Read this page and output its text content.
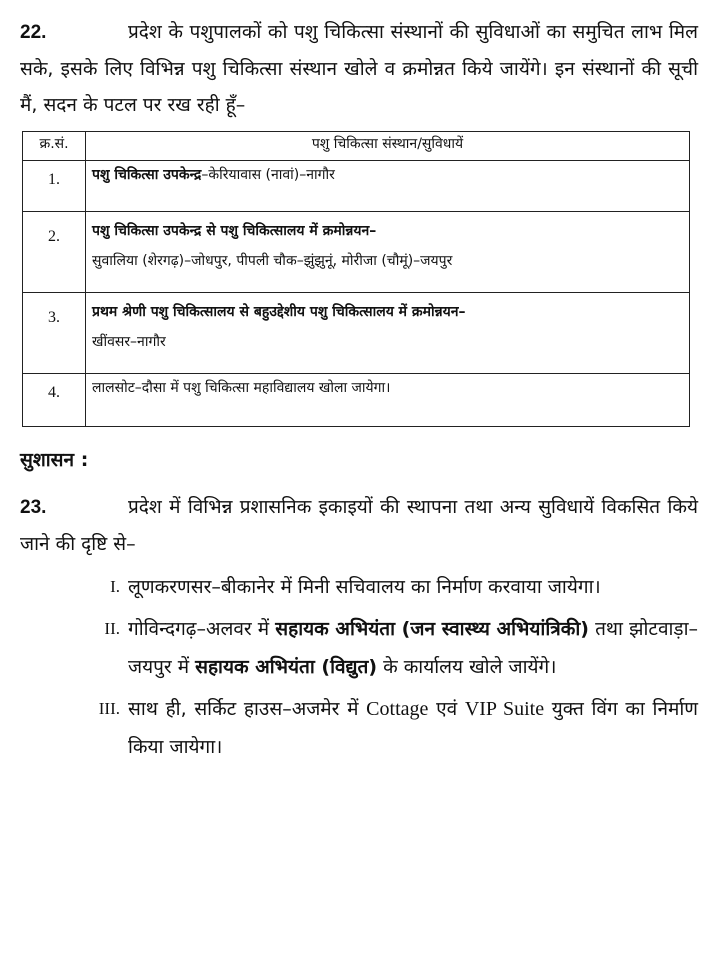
22.	प्रदेश के पशुपालकों को पशु चिकित्सा संस्थानों की सुविधाओं का समुचित लाभ मिल सके, इसके लिए विभिन्न पशु चिकित्सा संस्थान खोले व क्रमोन्नत किये जायेंगे। इन संस्थानों की सूची मैं, सदन के पटल पर रख रही हूँ–

क्र.सं.	पशु चिकित्सा संस्थान/सुविधायें
1.	पशु चिकित्सा उपकेन्द्र–केरियावास (नावां)–नागौर
2.	पशु चिकित्सा उपकेन्द्र से पशु चिकित्सालय में क्रमोन्नयन–
सुवालिया (शेरगढ़)–जोधपुर, पीपली चौक–झुंझुनूं, मोरीजा (चौमूं)–जयपुर

3.	प्रथम श्रेणी पशु चिकित्सालय से बहुउद्देशीय पशु चिकित्सालय में क्रमोन्नयन–
खींवसर–नागौर

4.	लालसोट–दौसा में पशु चिकित्सा महाविद्यालय खोला जायेगा।
सुशासन :

23.	प्रदेश में विभिन्न प्रशासनिक इकाइयों की स्थापना तथा अन्य सुविधायें विकसित किये जाने की दृष्टि से–

I. लूणकरणसर–बीकानेर में मिनी सचिवालय का निर्माण करवाया जायेगा।
II. गोविन्दगढ़–अलवर में सहायक अभियंता (जन स्वास्थ्य अभियांत्रिकी) तथा झोटवाड़ा–जयपुर में सहायक अभियंता (विद्युत) के कार्यालय खोले जायेंगे।
III. साथ ही, सर्किट हाउस–अजमेर में Cottage एवं VIP Suite युक्त विंग का निर्माण किया जायेगा।
